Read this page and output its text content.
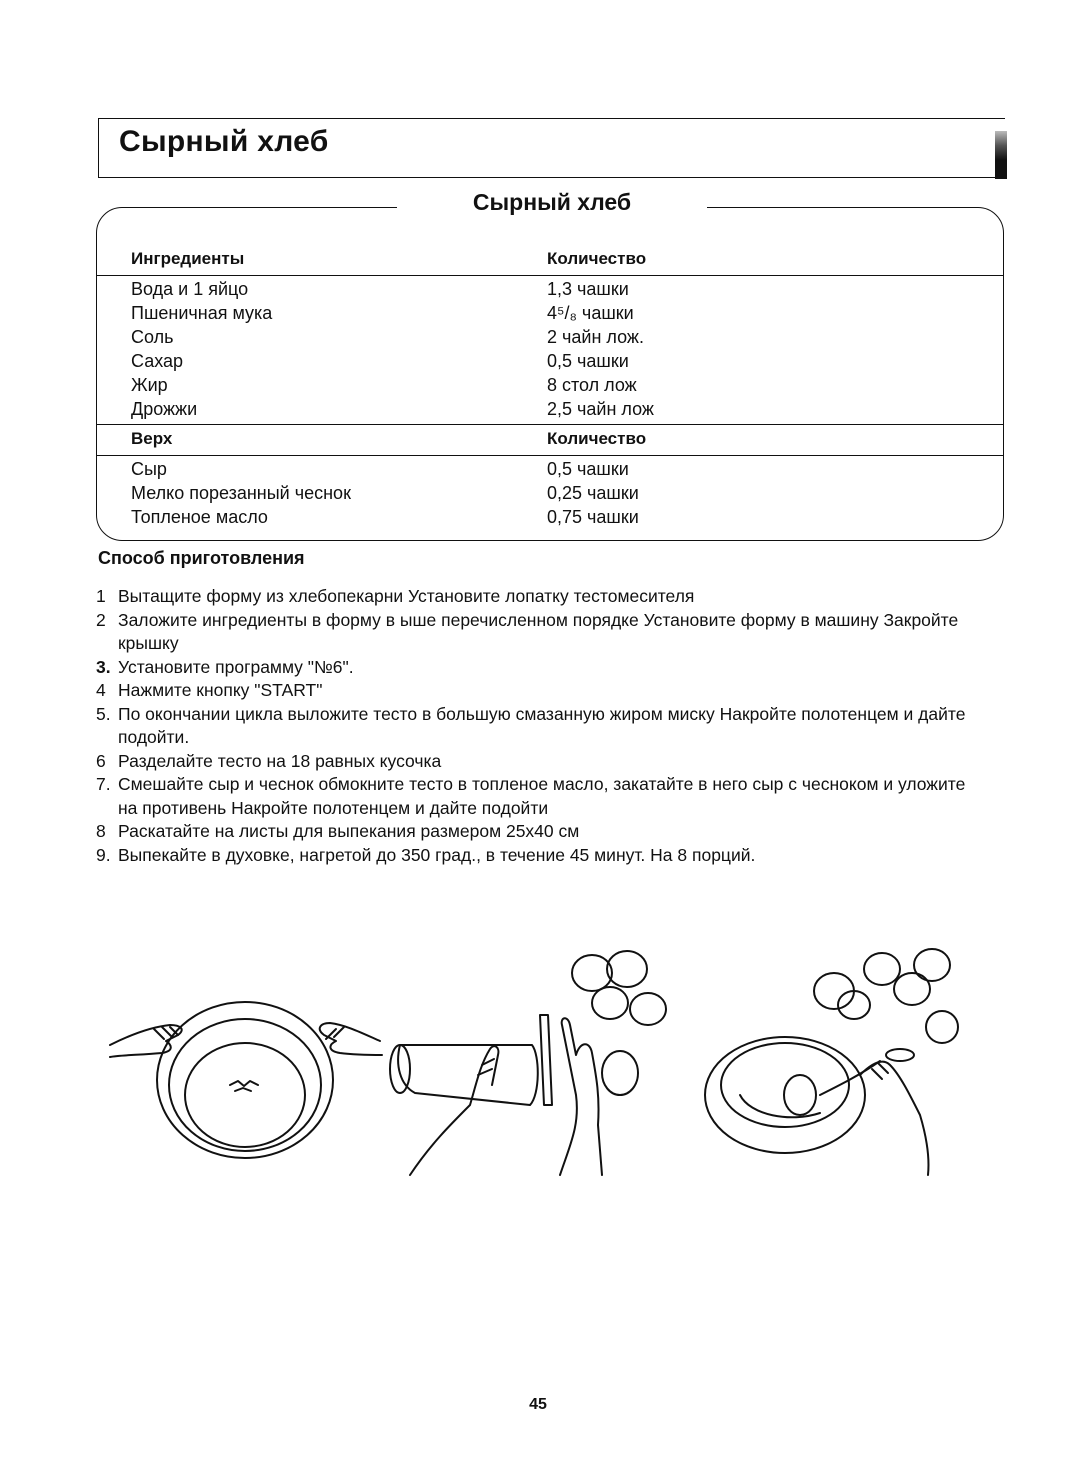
Сырный хлеб
Сырный хлеб
Ингредиенты	Количество
Вода и 1 яйцо	1,3 чашки
Пшеничная мука	4⁵/₈ чашки
Соль	2 чайн лож.
Сахар	0,5 чашки
Жир	8 стол лож
Дрожжи	2,5 чайн лож
Верх	Количество
Сыр	0,5 чашки
Мелко порезанный чеснок	0,25 чашки
Топленое масло	0,75 чашки
Способ приготовления
1 Вытащите форму из хлебопекарни Установите лопатку тестомесителя
2 Заложите ингредиенты в форму в ыше перечисленном порядке Установите форму в машину Закройте крышку
3. Установите программу "№6".
4 Нажмите кнопку "START"
5. По окончании цикла выложите тесто в большую смазанную жиром миску Накройте полотенцем и дайте подойти.
6 Разделайте тесто на 18 равных кусочка
7. Смешайте сыр и чеснок обмокните тесто в топленое масло, закатайте в него сыр с чесноком и уложите на противень Накройте полотенцем и дайте подойти
8 Раскатайте на листы для выпекания размером 25х40 см
9. Выпекайте в духовке, нагретой до 350 град., в течение 45 минут. На 8 порций.
45
